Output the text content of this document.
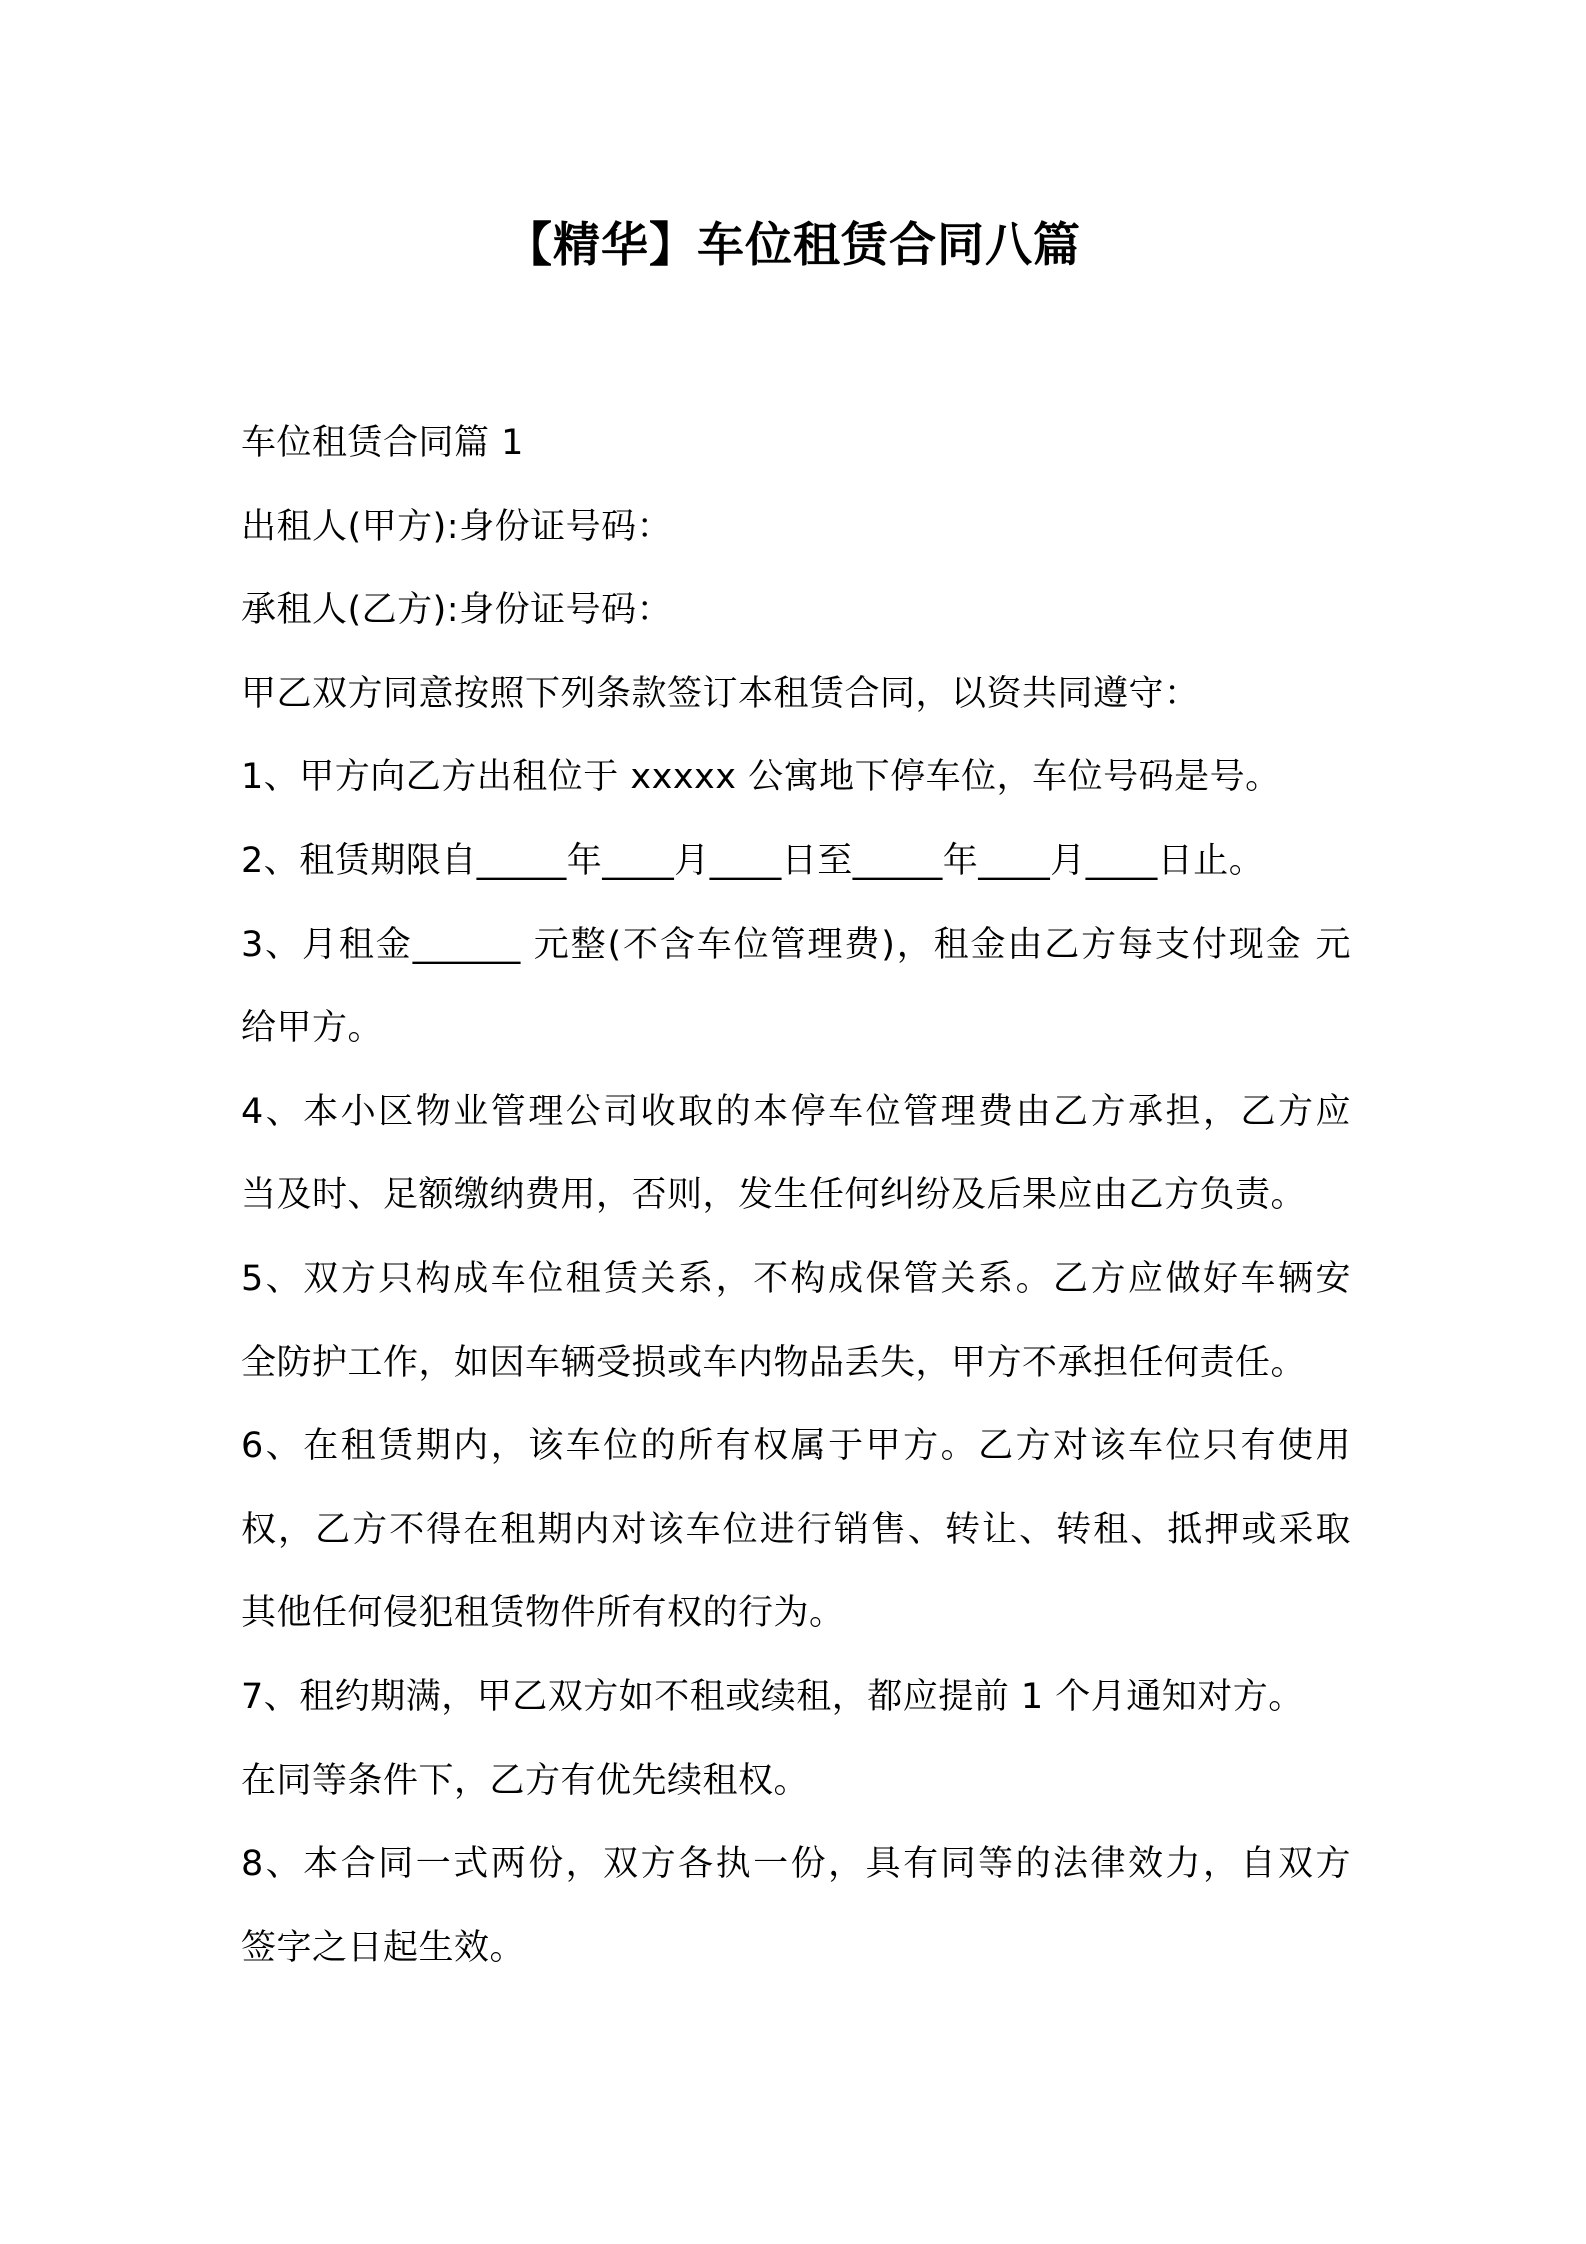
【精华】车位租赁合同八篇
车位租赁合同篇 1
出租人(甲方):身份证号码：
承租人(乙方):身份证号码：
甲乙双方同意按照下列条款签订本租赁合同，以资共同遵守：
1、甲方向乙方出租位于 xxxxx 公寓地下停车位，车位号码是号。
2、租赁期限自_____年____月____日至_____年____月____日止。
3、月租金______ 元整(不含车位管理费)，租金由乙方每支付现金 元
给甲方。
4、本小区物业管理公司收取的本停车位管理费由乙方承担，乙方应
当及时、足额缴纳费用，否则，发生任何纠纷及后果应由乙方负责。
5、双方只构成车位租赁关系，不构成保管关系。乙方应做好车辆安
全防护工作，如因车辆受损或车内物品丢失，甲方不承担任何责任。
6、在租赁期内，该车位的所有权属于甲方。乙方对该车位只有使用
权，乙方不得在租期内对该车位进行销售、转让、转租、抵押或采取
其他任何侵犯租赁物件所有权的行为。
7、租约期满，甲乙双方如不租或续租，都应提前 1 个月通知对方。
在同等条件下，乙方有优先续租权。
8、本合同一式两份，双方各执一份，具有同等的法律效力，自双方
签字之日起生效。
